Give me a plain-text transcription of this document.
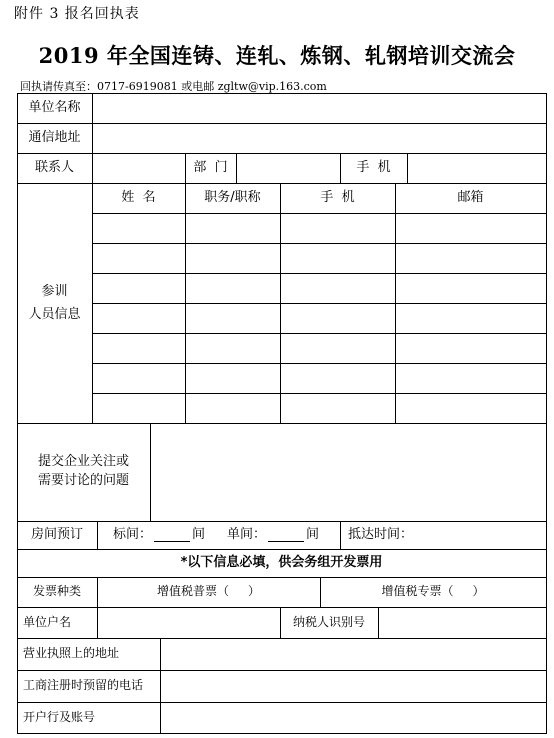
附件 3 报名回执表
2019 年全国连铸、连轧、炼钢、轧钢培训交流会
回执请传真至：0717-6919081 或电邮 zgltw@vip.163.com
单位名称
通信地址
联系人	部  门	手  机
参训
人员信息
姓  名	职务/职称	手  机	邮箱
提交企业关注或
需要讨论的问题
房间预订	标间：	间 单间：	间	抵达时间：
*以下信息必填，供会务组开发票用
发票种类	增值税普票（     ）	增值税专票（     ）
单位户名	纳税人识别号
营业执照上的地址
工商注册时预留的电话
开户行及账号
